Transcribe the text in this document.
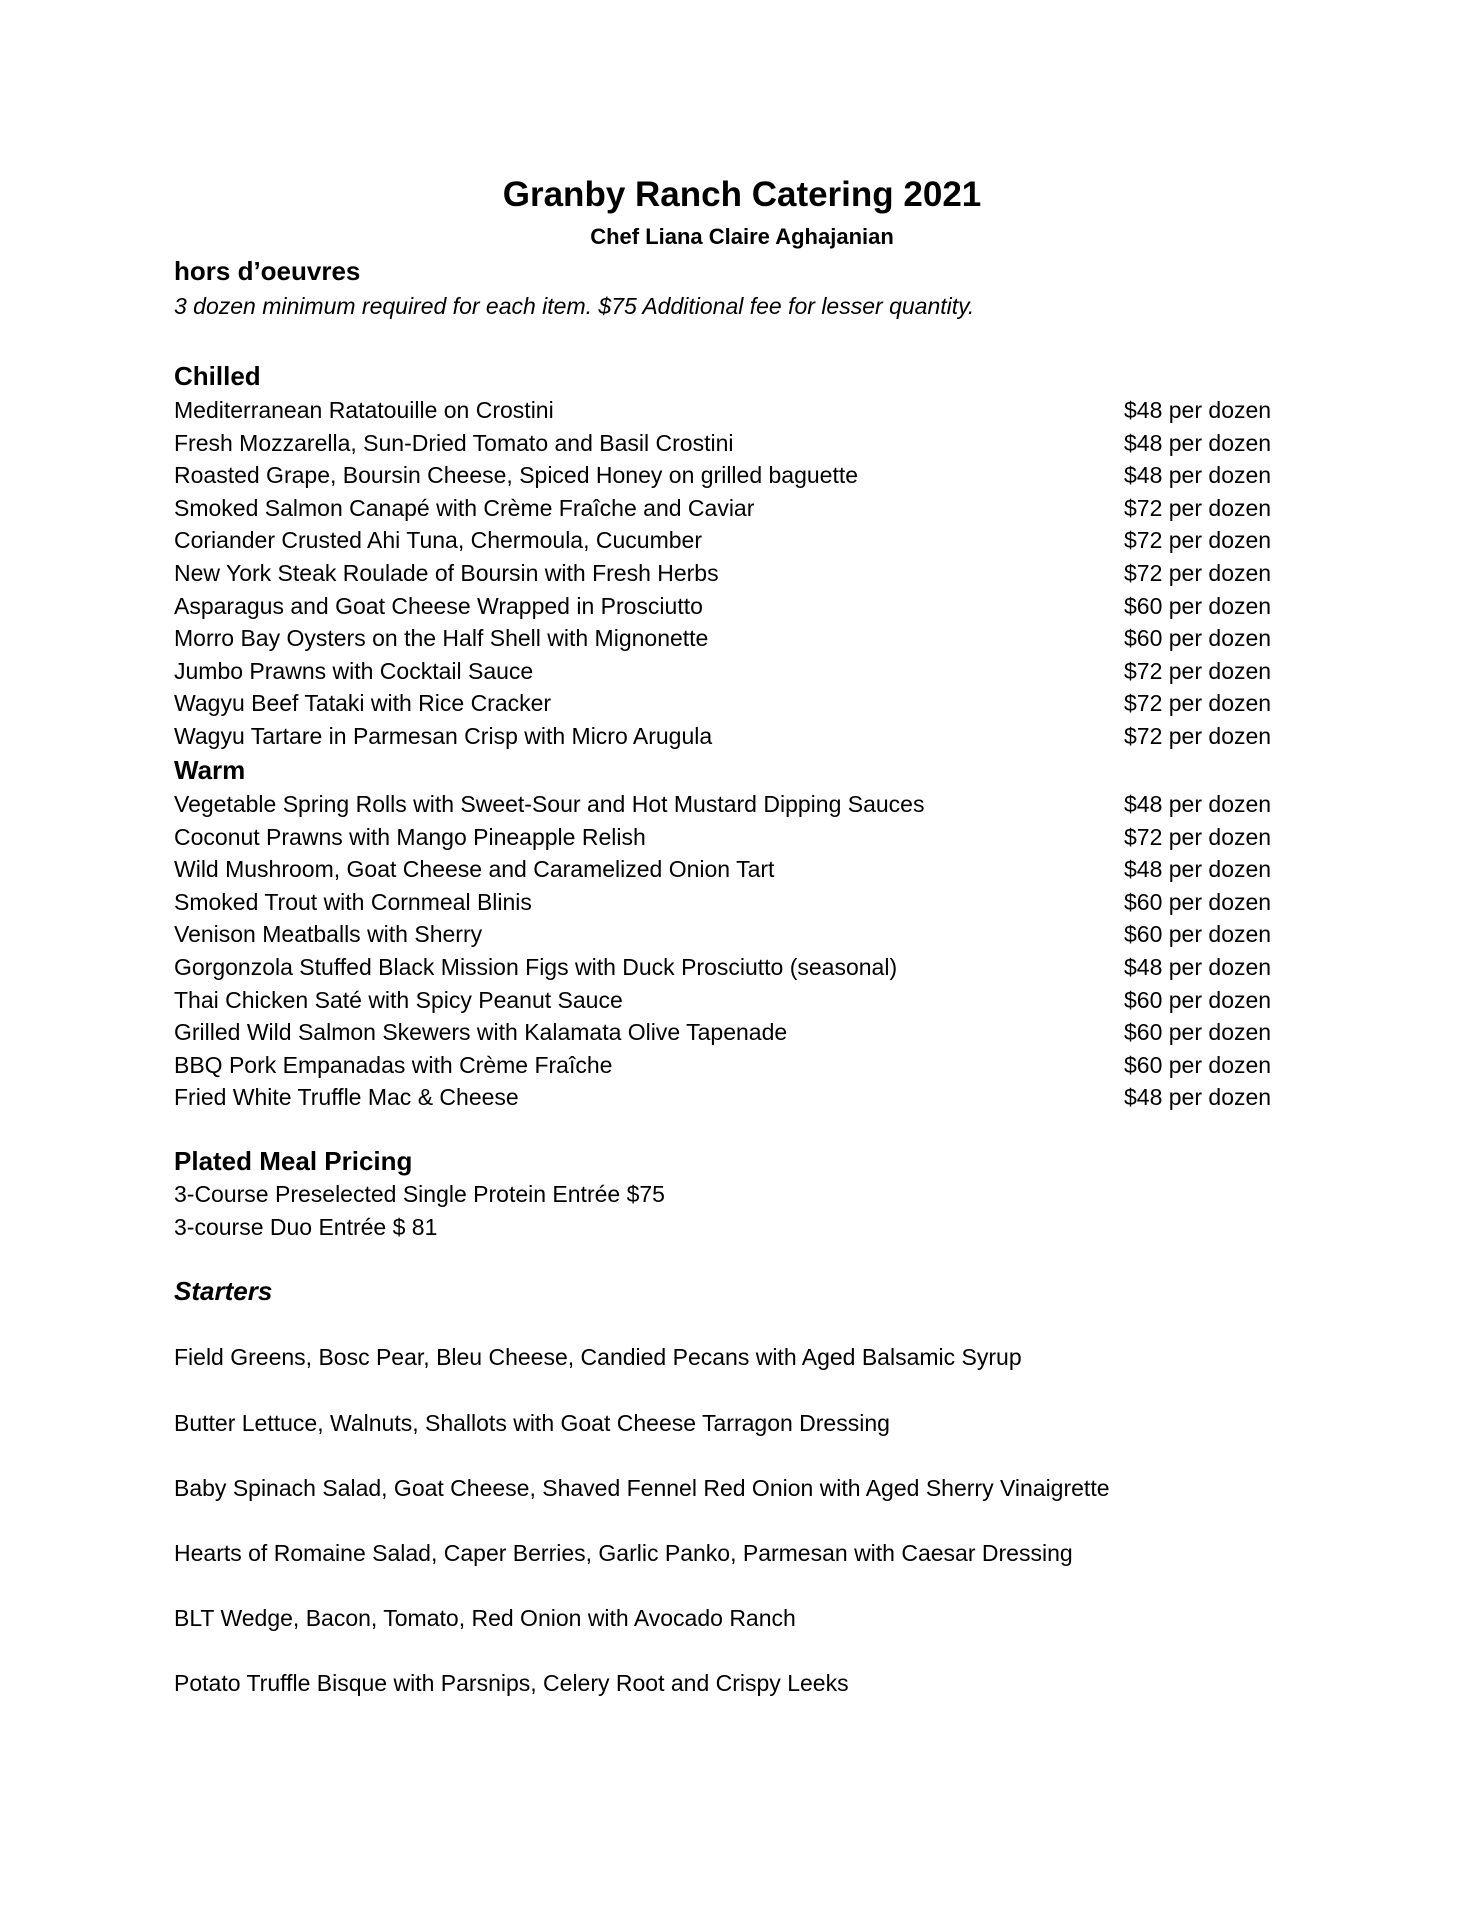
Granby Ranch Catering 2021
Chef Liana Claire Aghajanian
hors d’oeuvres
3 dozen minimum required for each item. $75 Additional fee for lesser quantity.
Chilled
Mediterranean Ratatouille on Crostini	$48 per dozen
Fresh Mozzarella, Sun-Dried Tomato and Basil Crostini	$48 per dozen
Roasted Grape, Boursin Cheese, Spiced Honey on grilled baguette	$48 per dozen
Smoked Salmon Canapé with Crème Fraîche and Caviar	$72 per dozen
Coriander Crusted Ahi Tuna, Chermoula, Cucumber	$72 per dozen
New York Steak Roulade of Boursin with Fresh Herbs	$72 per dozen
Asparagus and Goat Cheese Wrapped in Prosciutto	$60 per dozen
Morro Bay Oysters on the Half Shell with Mignonette	$60 per dozen
Jumbo Prawns with Cocktail Sauce	$72 per dozen
Wagyu Beef Tataki with Rice Cracker	$72 per dozen
Wagyu Tartare in Parmesan Crisp with Micro Arugula	$72 per dozen
Warm
Vegetable Spring Rolls with Sweet-Sour and Hot Mustard Dipping Sauces	$48 per dozen
Coconut Prawns with Mango Pineapple Relish	$72 per dozen
Wild Mushroom, Goat Cheese and Caramelized Onion Tart	$48 per dozen
Smoked Trout with Cornmeal Blinis	$60 per dozen
Venison Meatballs with Sherry	$60 per dozen
Gorgonzola Stuffed Black Mission Figs with Duck Prosciutto (seasonal)	$48 per dozen
Thai Chicken Saté with Spicy Peanut Sauce	$60 per dozen
Grilled Wild Salmon Skewers with Kalamata Olive Tapenade	$60 per dozen
BBQ Pork Empanadas with Crème Fraîche	$60 per dozen
Fried White Truffle Mac & Cheese	$48 per dozen
Plated Meal Pricing
3-Course Preselected Single Protein Entrée $75
3-course Duo Entrée $ 81
Starters
Field Greens, Bosc Pear, Bleu Cheese, Candied Pecans with Aged Balsamic Syrup
Butter Lettuce, Walnuts, Shallots with Goat Cheese Tarragon Dressing
Baby Spinach Salad, Goat Cheese, Shaved Fennel Red Onion with Aged Sherry Vinaigrette
Hearts of Romaine Salad, Caper Berries, Garlic Panko, Parmesan with Caesar Dressing
BLT Wedge, Bacon, Tomato, Red Onion with Avocado Ranch
Potato Truffle Bisque with Parsnips, Celery Root and Crispy Leeks
